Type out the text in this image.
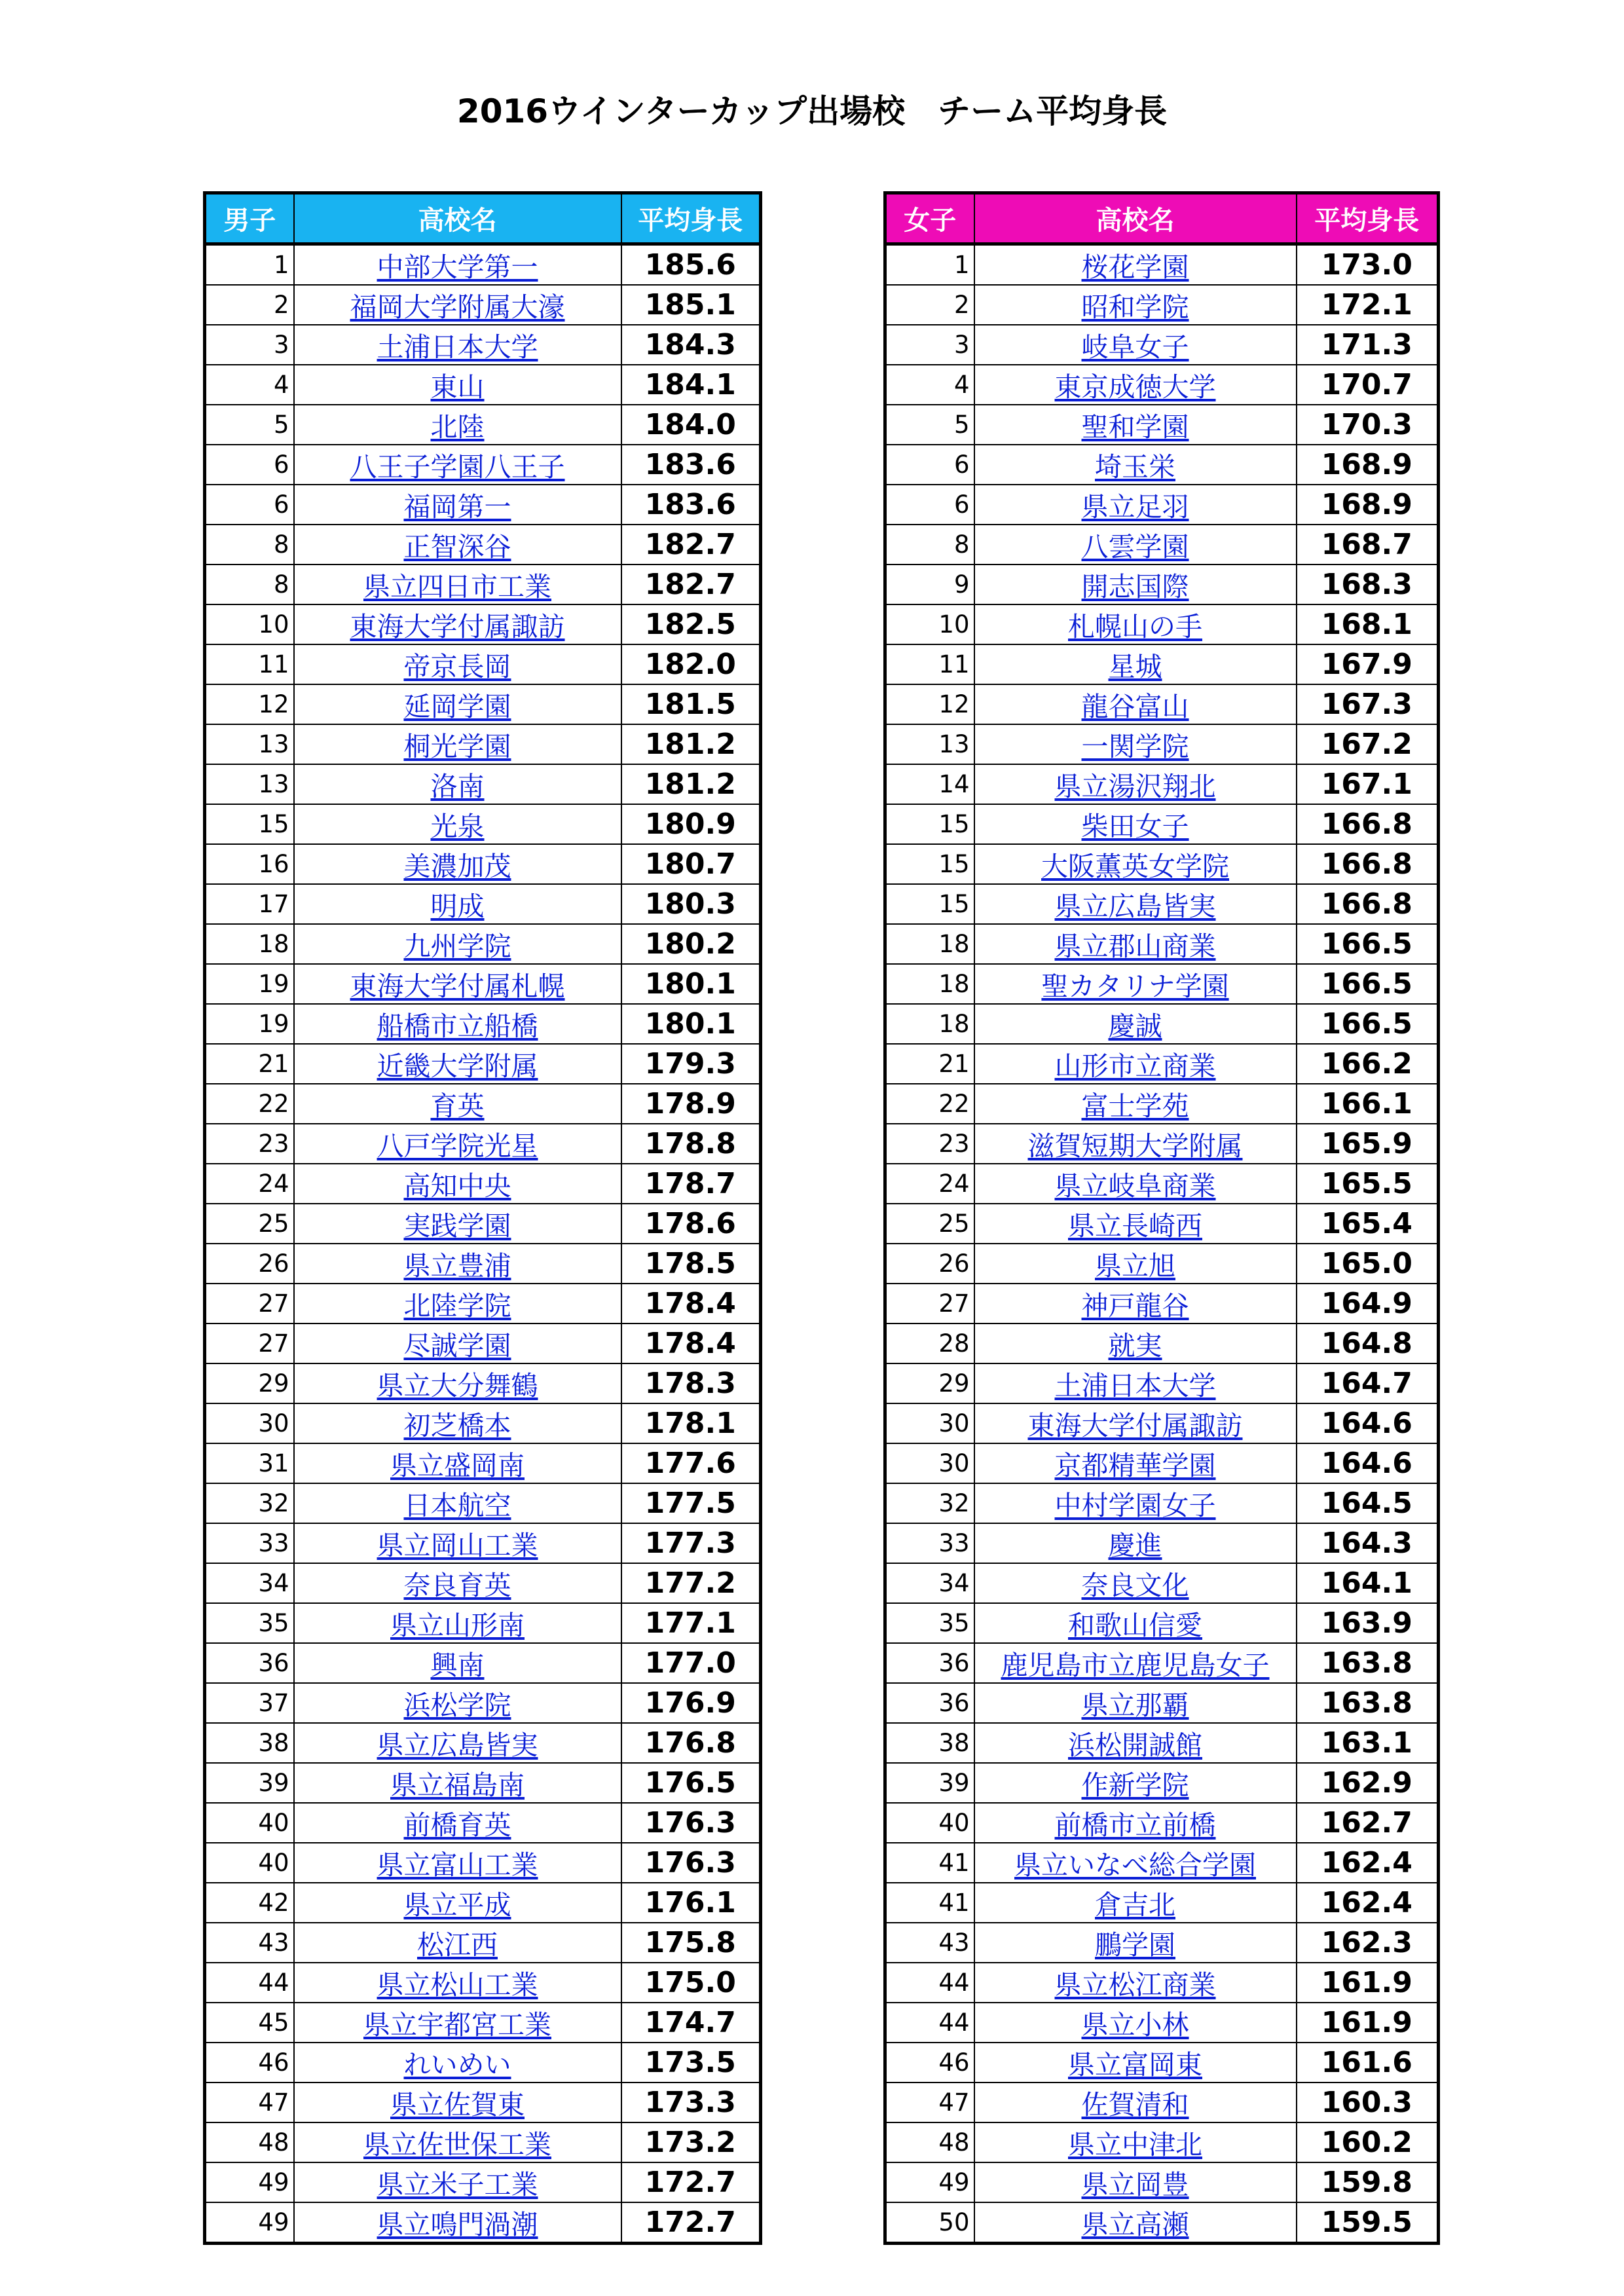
2016ウインターカップ出場校　チーム平均身長
男子	高校名	平均身長
1	中部大学第一	185.6
2	福岡大学附属大濠	185.1
3	土浦日本大学	184.3
4	東山	184.1
5	北陸	184.0
6	八王子学園八王子	183.6
6	福岡第一	183.6
8	正智深谷	182.7
8	県立四日市工業	182.7
10	東海大学付属諏訪	182.5
11	帝京長岡	182.0
12	延岡学園	181.5
13	桐光学園	181.2
13	洛南	181.2
15	光泉	180.9
16	美濃加茂	180.7
17	明成	180.3
18	九州学院	180.2
19	東海大学付属札幌	180.1
19	船橋市立船橋	180.1
21	近畿大学附属	179.3
22	育英	178.9
23	八戸学院光星	178.8
24	高知中央	178.7
25	実践学園	178.6
26	県立豊浦	178.5
27	北陸学院	178.4
27	尽誠学園	178.4
29	県立大分舞鶴	178.3
30	初芝橋本	178.1
31	県立盛岡南	177.6
32	日本航空	177.5
33	県立岡山工業	177.3
34	奈良育英	177.2
35	県立山形南	177.1
36	興南	177.0
37	浜松学院	176.9
38	県立広島皆実	176.8
39	県立福島南	176.5
40	前橋育英	176.3
40	県立富山工業	176.3
42	県立平成	176.1
43	松江西	175.8
44	県立松山工業	175.0
45	県立宇都宮工業	174.7
46	れいめい	173.5
47	県立佐賀東	173.3
48	県立佐世保工業	173.2
49	県立米子工業	172.7
49	県立鳴門渦潮	172.7
女子	高校名	平均身長
1	桜花学園	173.0
2	昭和学院	172.1
3	岐阜女子	171.3
4	東京成徳大学	170.7
5	聖和学園	170.3
6	埼玉栄	168.9
6	県立足羽	168.9
8	八雲学園	168.7
9	開志国際	168.3
10	札幌山の手	168.1
11	星城	167.9
12	龍谷富山	167.3
13	一関学院	167.2
14	県立湯沢翔北	167.1
15	柴田女子	166.8
15	大阪薫英女学院	166.8
15	県立広島皆実	166.8
18	県立郡山商業	166.5
18	聖カタリナ学園	166.5
18	慶誠	166.5
21	山形市立商業	166.2
22	富士学苑	166.1
23	滋賀短期大学附属	165.9
24	県立岐阜商業	165.5
25	県立長崎西	165.4
26	県立旭	165.0
27	神戸龍谷	164.9
28	就実	164.8
29	土浦日本大学	164.7
30	東海大学付属諏訪	164.6
30	京都精華学園	164.6
32	中村学園女子	164.5
33	慶進	164.3
34	奈良文化	164.1
35	和歌山信愛	163.9
36	鹿児島市立鹿児島女子	163.8
36	県立那覇	163.8
38	浜松開誠館	163.1
39	作新学院	162.9
40	前橋市立前橋	162.7
41	県立いなべ総合学園	162.4
41	倉吉北	162.4
43	鵬学園	162.3
44	県立松江商業	161.9
44	県立小林	161.9
46	県立富岡東	161.6
47	佐賀清和	160.3
48	県立中津北	160.2
49	県立岡豊	159.8
50	県立高瀬	159.5
